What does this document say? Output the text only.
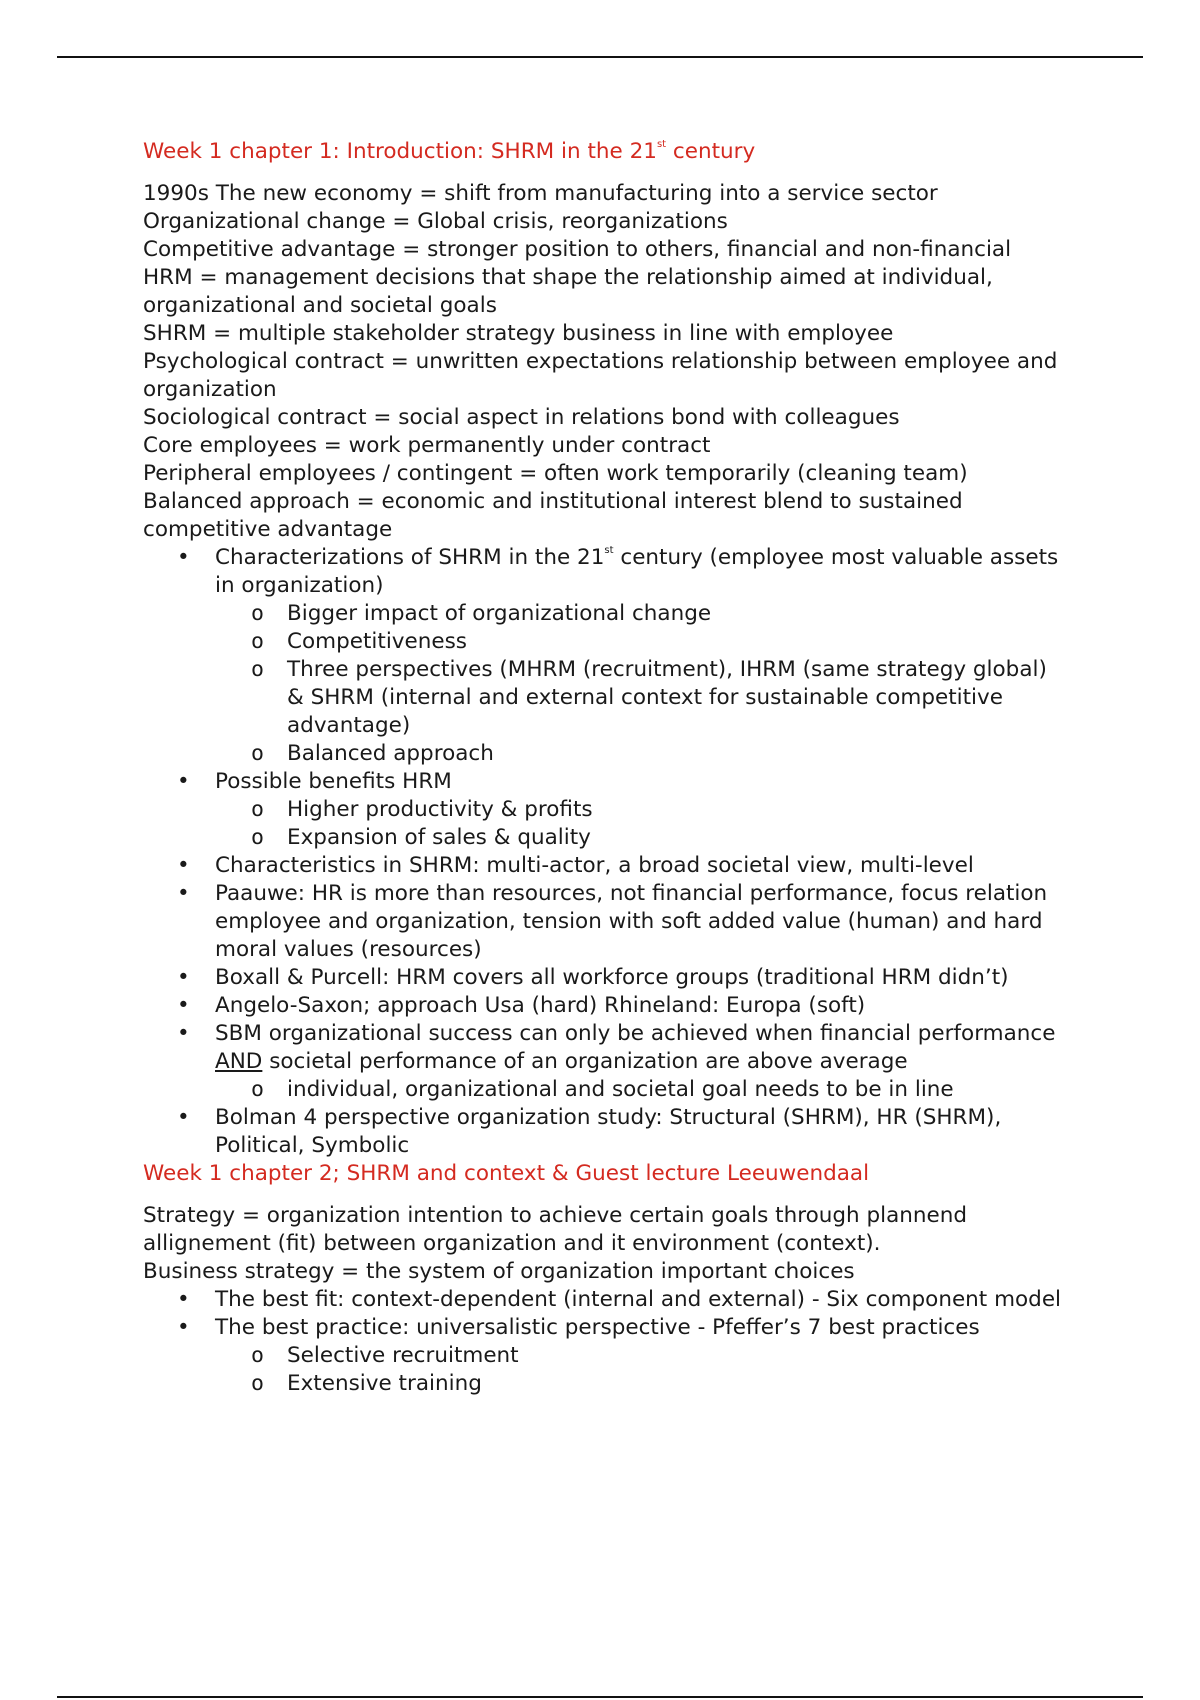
Week 1 chapter 1: Introduction: SHRM in the 21st century

1990s The new economy = shift from manufacturing into a service sector

Organizational change = Global crisis, reorganizations

Competitive advantage = stronger position to others, financial and non-financial

HRM = management decisions that shape the relationship aimed at individual, organizational and societal goals

SHRM = multiple stakeholder strategy business in line with employee

Psychological contract = unwritten expectations relationship between employee and organization

Sociological contract = social aspect in relations bond with colleagues

Core employees = work permanently under contract

Peripheral employees / contingent = often work temporarily (cleaning team)

Balanced approach = economic and institutional interest blend to sustained competitive advantage

• Characterizations of SHRM in the 21st century (employee most valuable assets in organization)
o Bigger impact of organizational change
o Competitiveness
o Three perspectives (MHRM (recruitment), IHRM (same strategy global) & SHRM (internal and external context for sustainable competitive advantage)
o Balanced approach
• Possible benefits HRM
o Higher productivity & profits
o Expansion of sales & quality
• Characteristics in SHRM: multi-actor, a broad societal view, multi-level
• Paauwe: HR is more than resources, not financial performance, focus relation employee and organization, tension with soft added value (human) and hard moral values (resources)
• Boxall & Purcell: HRM covers all workforce groups (traditional HRM didn’t)
• Angelo-Saxon; approach Usa (hard) Rhineland: Europa (soft)
• SBM organizational success can only be achieved when financial performance AND societal performance of an organization are above average
o individual, organizational and societal goal needs to be in line
• Bolman 4 perspective organization study: Structural (SHRM), HR (SHRM), Political, Symbolic
Week 1 chapter 2; SHRM and context & Guest lecture Leeuwendaal

Strategy = organization intention to achieve certain goals through plannend allignement (fit) between organization and it environment (context).

Business strategy = the system of organization important choices

• The best fit: context-dependent (internal and external) - Six component model
• The best practice: universalistic perspective - Pfeffer’s 7 best practices
o Selective recruitment
o Extensive training
